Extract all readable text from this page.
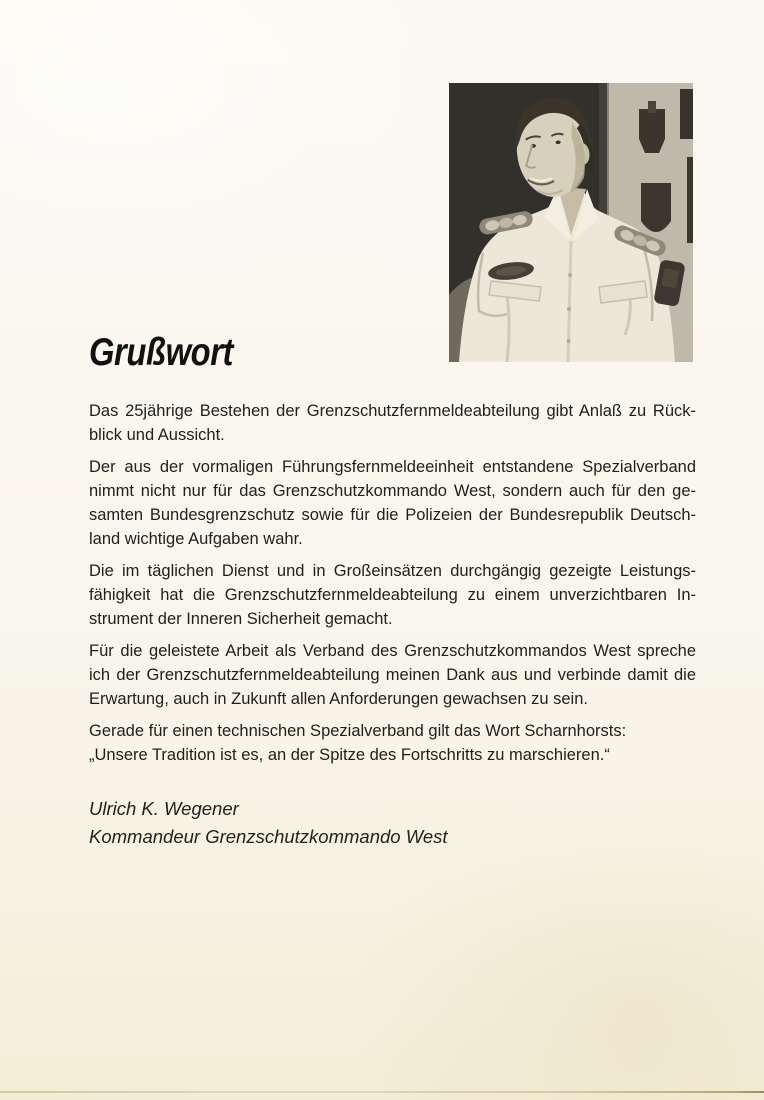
Grußwort

Das 25jährige Bestehen der Grenzschutzfernmeldeabteilung gibt Anlaß zu Rück-
blick und Aussicht.

Der aus der vormaligen Führungsfernmeldeeinheit entstandene Spezialverband
nimmt nicht nur für das Grenzschutzkommando West, sondern auch für den ge-
samten Bundesgrenzschutz sowie für die Polizeien der Bundesrepublik Deutsch-
land wichtige Aufgaben wahr.

Die im täglichen Dienst und in Großeinsätzen durchgängig gezeigte Leistungs-
fähigkeit hat die Grenzschutzfernmeldeabteilung zu einem unverzichtbaren In-
strument der Inneren Sicherheit gemacht.

Für die geleistete Arbeit als Verband des Grenzschutzkommandos West spreche
ich der Grenzschutzfernmeldeabteilung meinen Dank aus und verbinde damit die
Erwartung, auch in Zukunft allen Anforderungen gewachsen zu sein.

Gerade für einen technischen Spezialverband gilt das Wort Scharnhorsts:
„Unsere Tradition ist es, an der Spitze des Fortschritts zu marschieren.“

Ulrich K. Wegener

Kommandeur Grenzschutzkommando West
